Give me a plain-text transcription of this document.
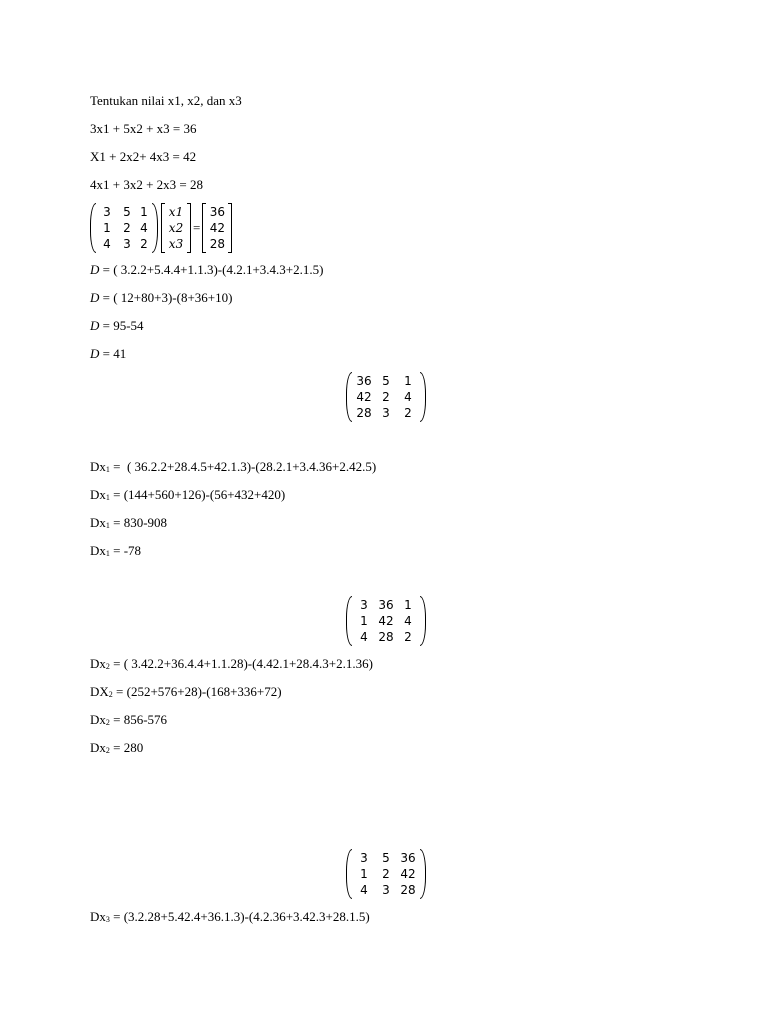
Tentukan nilai x1, x2, dan x3
3x1 + 5x2 + x3 = 36
X1 + 2x2+ 4x3 = 42
4x1 + 3x2 + 2x3 = 28
3	5 1
1	2 4
4	3 2
x1
x2
x3
=
36
42
28
D = ( 3.2.2+5.4.4+1.1.3)-(4.2.1+3.4.3+2.1.5)
D = ( 12+80+3)-(8+36+10)
D = 95-54
D = 41
36 5	1
42 2	4
28 3	2
$Dx_1$ =  ( 36.2.2+28.4.5+42.1.3)-(28.2.1+3.4.36+2.42.5)
$Dx_1 = (144+560+126)-(56+432+420)$
$Dx_1 = 830-908$
$Dx_1 = -78$
3 36 1
1 42 4
4 28 2
$Dx_2$ = ( 3.42.2+36.4.4+1.1.28)-(4.42.1+28.4.3+2.1.36)
$DX_2 = (252+576+28)-(168+336+72)$
$Dx_2 = 856-576$
$Dx_2 = 280$
3	5 36
1	2 42
4	3 28
$Dx_3 = (3.2.28+5.42.4+36.1.3)-(4.2.36+3.42.3+28.1.5)$
